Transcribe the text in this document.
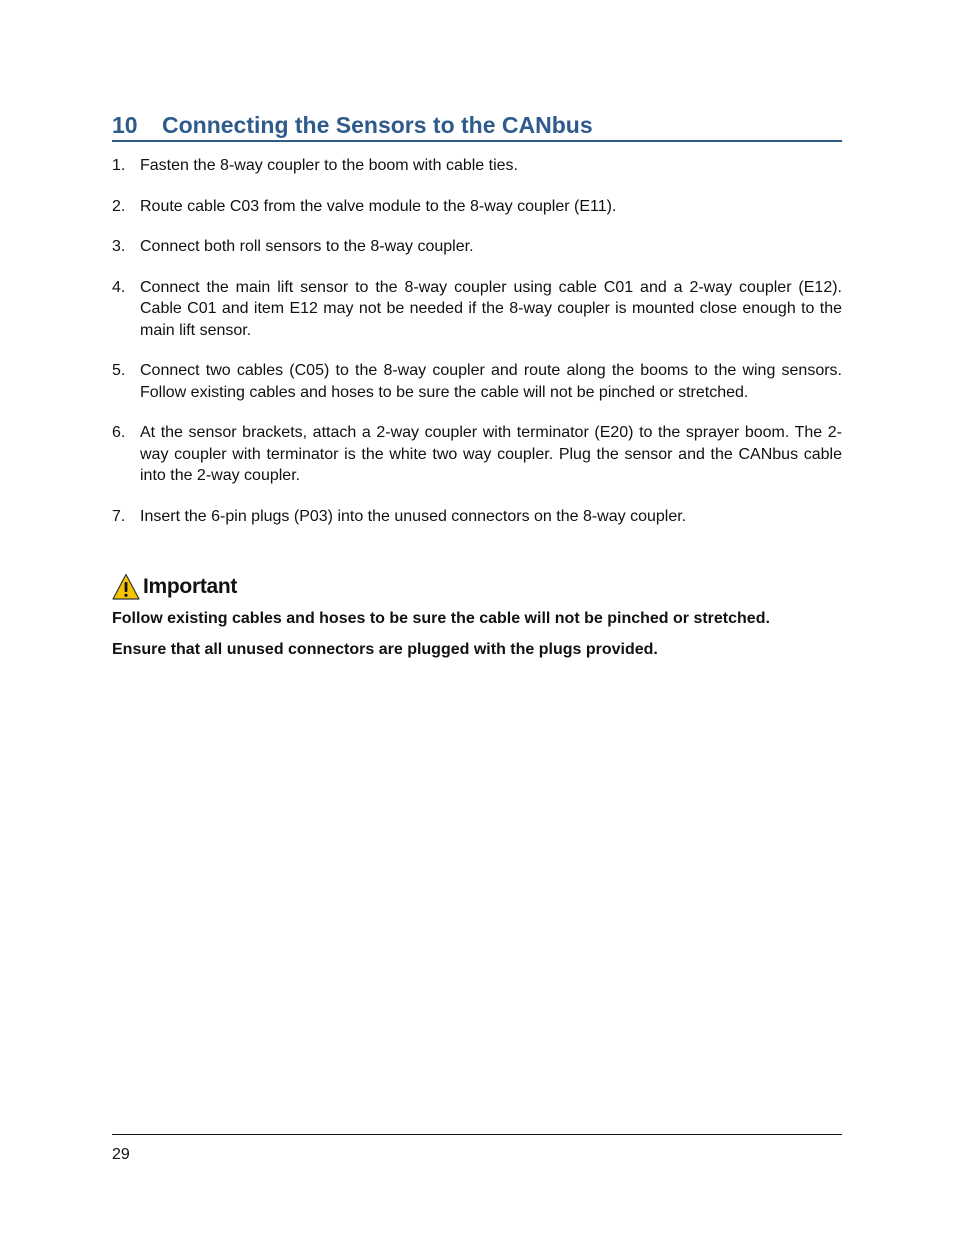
10	Connecting the Sensors to the CANbus
1. Fasten the 8-way coupler to the boom with cable ties.
2. Route cable C03 from the valve module to the 8-way coupler (E11).
3. Connect both roll sensors to the 8-way coupler.
4. Connect the main lift sensor to the 8-way coupler using cable C01 and a 2-way coupler (E12). Cable C01 and item E12 may not be needed if the 8-way coupler is mounted close enough to the main lift sensor.
5. Connect two cables (C05) to the 8-way coupler and route along the booms to the wing sensors. Follow existing cables and hoses to be sure the cable will not be pinched or stretched.
6. At the sensor brackets, attach a 2-way coupler with terminator (E20) to the sprayer boom. The 2-way coupler with terminator is the white two way coupler. Plug the sensor and the CANbus cable into the 2-way coupler.
7. Insert the 6-pin plugs (P03) into the unused connectors on the 8-way coupler.
Important

Follow existing cables and hoses to be sure the cable will not be pinched or stretched.

Ensure that all unused connectors are plugged with the plugs provided.

29
